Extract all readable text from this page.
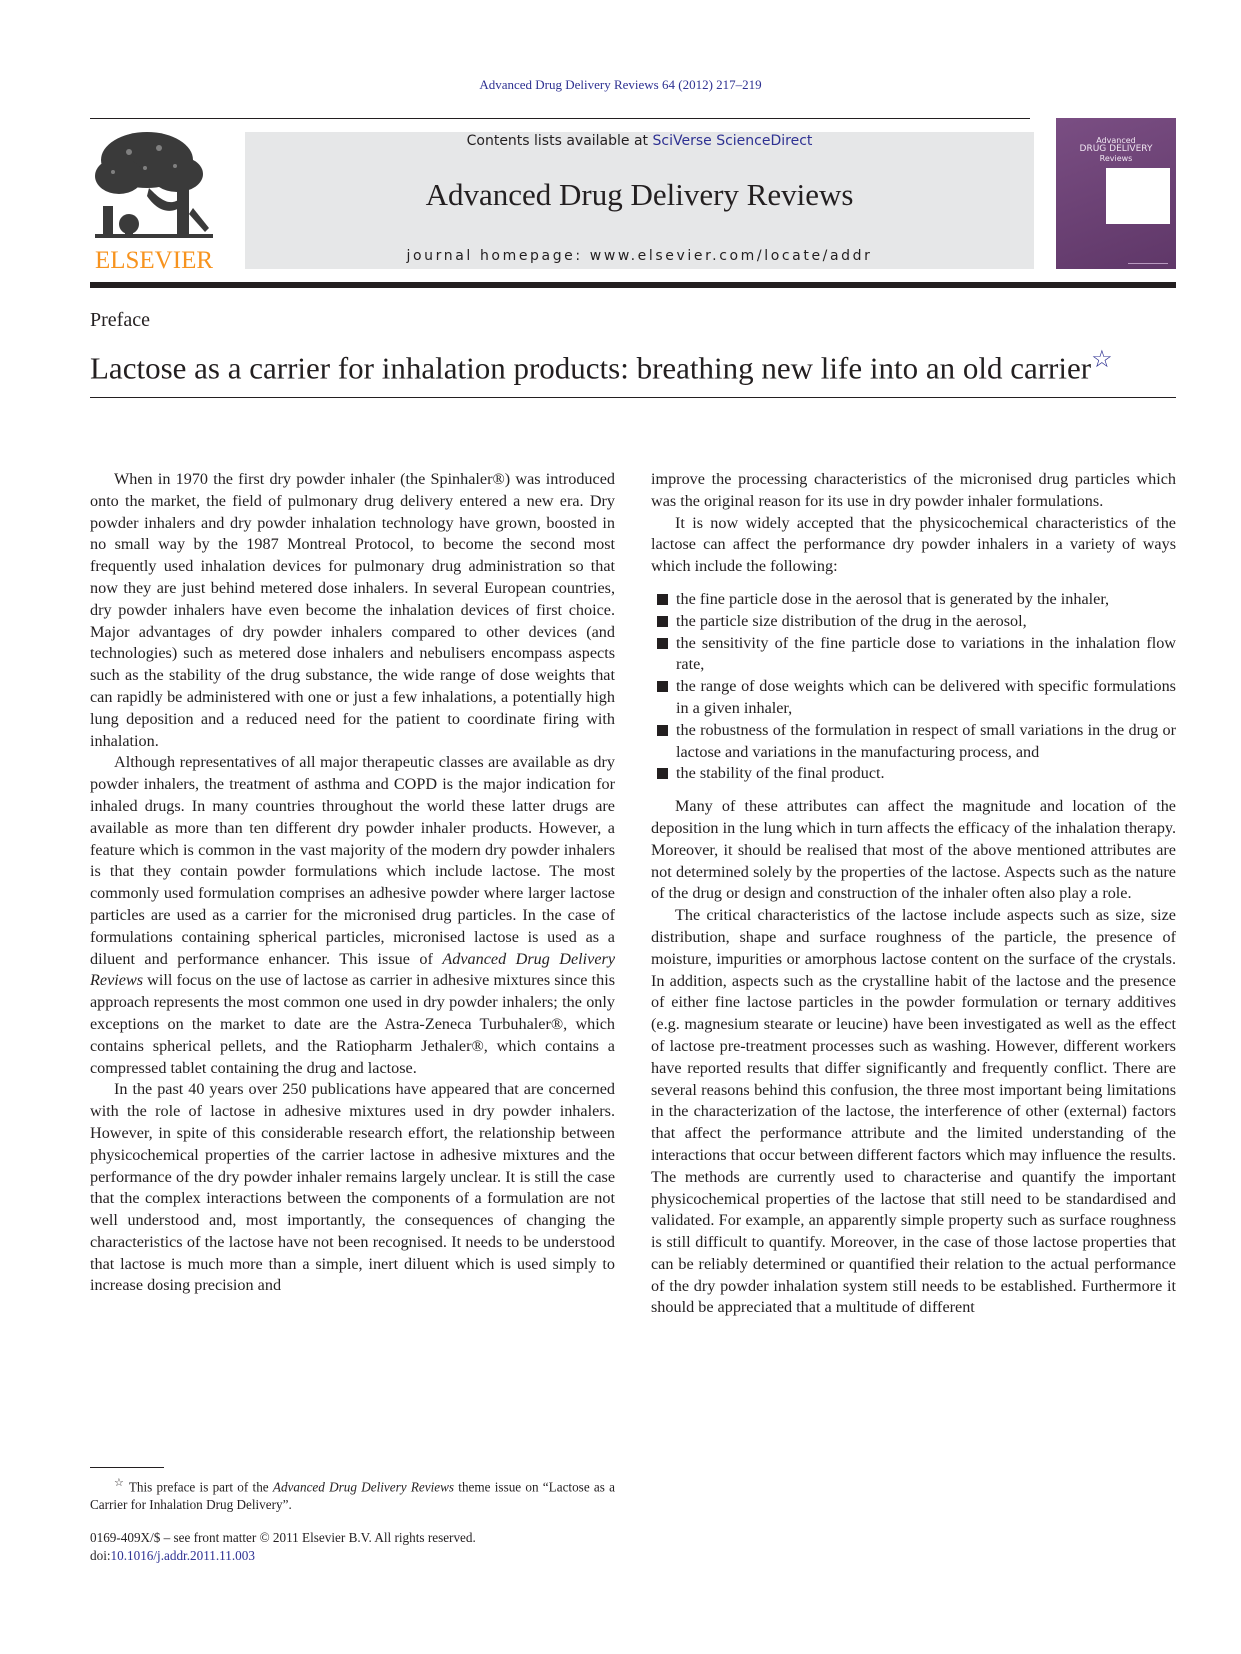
Advanced Drug Delivery Reviews 64 (2012) 217–219
ELSEVIER
Contents lists available at SciVerse ScienceDirect
Advanced Drug Delivery Reviews
journal homepage: www.elsevier.com/locate/addr
Advanced
DRUG DELIVERY
Reviews
Preface
Lactose as a carrier for inhalation products: breathing new life into an old carrier☆

When in 1970 the first dry powder inhaler (the Spinhaler®) was introduced onto the market, the field of pulmonary drug delivery entered a new era. Dry powder inhalers and dry powder inhalation technology have grown, boosted in no small way by the 1987 Montreal Protocol, to become the second most frequently used inhalation devices for pulmonary drug administration so that now they are just behind metered dose inhalers. In several European countries, dry powder inhalers have even become the inhalation devices of first choice. Major advantages of dry powder inhalers compared to other devices (and technologies) such as metered dose inhalers and nebulisers encompass aspects such as the stability of the drug substance, the wide range of dose weights that can rapidly be administered with one or just a few inhalations, a potentially high lung deposition and a reduced need for the patient to coordinate firing with inhalation.

Although representatives of all major therapeutic classes are available as dry powder inhalers, the treatment of asthma and COPD is the major indication for inhaled drugs. In many countries throughout the world these latter drugs are available as more than ten different dry powder inhaler products. However, a feature which is common in the vast majority of the modern dry powder inhalers is that they contain powder formulations which include lactose. The most commonly used formulation comprises an adhesive powder where larger lactose particles are used as a carrier for the micronised drug particles. In the case of formulations containing spherical particles, micronised lactose is used as a diluent and performance enhancer. This issue of Advanced Drug Delivery Reviews will focus on the use of lactose as carrier in adhesive mixtures since this approach represents the most common one used in dry powder inhalers; the only exceptions on the market to date are the Astra-Zeneca Turbuhaler®, which contains spherical pellets, and the Ratiopharm Jethaler®, which contains a compressed tablet containing the drug and lactose.

In the past 40 years over 250 publications have appeared that are concerned with the role of lactose in adhesive mixtures used in dry powder inhalers. However, in spite of this considerable research effort, the relationship between physicochemical properties of the carrier lactose in adhesive mixtures and the performance of the dry powder inhaler remains largely unclear. It is still the case that the complex interactions between the components of a formulation are not well understood and, most importantly, the consequences of changing the characteristics of the lactose have not been recognised. It needs to be understood that lactose is much more than a simple, inert diluent which is used simply to increase dosing precision and

improve the processing characteristics of the micronised drug particles which was the original reason for its use in dry powder inhaler formulations.

It is now widely accepted that the physicochemical characteristics of the lactose can affect the performance dry powder inhalers in a variety of ways which include the following:

the fine particle dose in the aerosol that is generated by the inhaler,
the particle size distribution of the drug in the aerosol,
the sensitivity of the fine particle dose to variations in the inhalation flow rate,
the range of dose weights which can be delivered with specific formulations in a given inhaler,
the robustness of the formulation in respect of small variations in the drug or lactose and variations in the manufacturing process, and
the stability of the final product.

Many of these attributes can affect the magnitude and location of the deposition in the lung which in turn affects the efficacy of the inhalation therapy. Moreover, it should be realised that most of the above mentioned attributes are not determined solely by the properties of the lactose. Aspects such as the nature of the drug or design and construction of the inhaler often also play a role.

The critical characteristics of the lactose include aspects such as size, size distribution, shape and surface roughness of the particle, the presence of moisture, impurities or amorphous lactose content on the surface of the crystals. In addition, aspects such as the crystalline habit of the lactose and the presence of either fine lactose particles in the powder formulation or ternary additives (e.g. magnesium stearate or leucine) have been investigated as well as the effect of lactose pre-treatment processes such as washing. However, different workers have reported results that differ significantly and frequently conflict. There are several reasons behind this confusion, the three most important being limitations in the characterization of the lactose, the interference of other (external) factors that affect the performance attribute and the limited understanding of the interactions that occur between different factors which may influence the results. The methods are currently used to characterise and quantify the important physicochemical properties of the lactose that still need to be standardised and validated. For example, an apparently simple property such as surface roughness is still difficult to quantify. Moreover, in the case of those lactose properties that can be reliably determined or quantified their relation to the actual performance of the dry powder inhalation system still needs to be established. Furthermore it should be appreciated that a multitude of different

☆ This preface is part of the Advanced Drug Delivery Reviews theme issue on “Lactose as a Carrier for Inhalation Drug Delivery”.
0169-409X/$ – see front matter © 2011 Elsevier B.V. All rights reserved.
doi:10.1016/j.addr.2011.11.003
